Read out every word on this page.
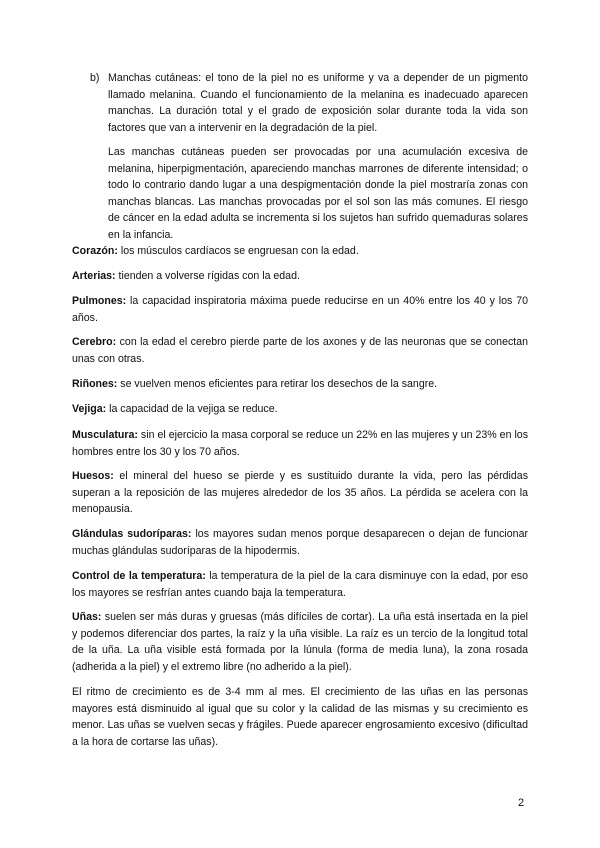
b) Manchas cutáneas: el tono de la piel no es uniforme y va a depender de un pigmento llamado melanina. Cuando el funcionamiento de la melanina es inadecuado aparecen manchas. La duración total y el grado de exposición solar durante toda la vida son factores que van a intervenir en la degradación de la piel.
Las manchas cutáneas pueden ser provocadas por una acumulación excesiva de melanina, hiperpigmentación, apareciendo manchas marrones de diferente intensidad; o todo lo contrario dando lugar a una despigmentación donde la piel mostraría zonas con manchas blancas. Las manchas provocadas por el sol son las más comunes. El riesgo de cáncer en la edad adulta se incrementa si los sujetos han sufrido quemaduras solares en la infancia.
Corazón: los músculos cardíacos se engruesan con la edad.
Arterias: tienden a volverse rígidas con la edad.
Pulmones: la capacidad inspiratoria máxima puede reducirse en un 40% entre los 40 y los 70 años.
Cerebro: con la edad el cerebro pierde parte de los axones y de las neuronas que se conectan unas con otras.
Riñones: se vuelven menos eficientes para retirar los desechos de la sangre.
Vejiga: la capacidad de la vejiga se reduce.
Musculatura: sin el ejercicio la masa corporal se reduce un 22% en las mujeres y un 23% en los hombres entre los 30 y los 70 años.
Huesos: el mineral del hueso se pierde y es sustituido durante la vida, pero las pérdidas superan a la reposición de las mujeres alrededor de los 35 años. La pérdida se acelera con la menopausia.
Glándulas sudoríparas: los mayores sudan menos porque desaparecen o dejan de funcionar muchas glándulas sudoríparas de la hipodermis.
Control de la temperatura: la temperatura de la piel de la cara disminuye con la edad, por eso los mayores se resfrían antes cuando baja la temperatura.
Uñas: suelen ser más duras y gruesas (más difíciles de cortar). La uña está insertada en la piel y podemos diferenciar dos partes, la raíz y la uña visible. La raíz es un tercio de la longitud total de la uña. La uña visible está formada por la lúnula (forma de media luna), la zona rosada (adherida a la piel) y el extremo libre (no adherido a la piel).
El ritmo de crecimiento es de 3-4 mm al mes. El crecimiento de las uñas en las personas mayores está disminuido al igual que su color y la calidad de las mismas y su crecimiento es menor. Las uñas se vuelven secas y frágiles. Puede aparecer engrosamiento excesivo (dificultad a la hora de cortarse las uñas).
2
